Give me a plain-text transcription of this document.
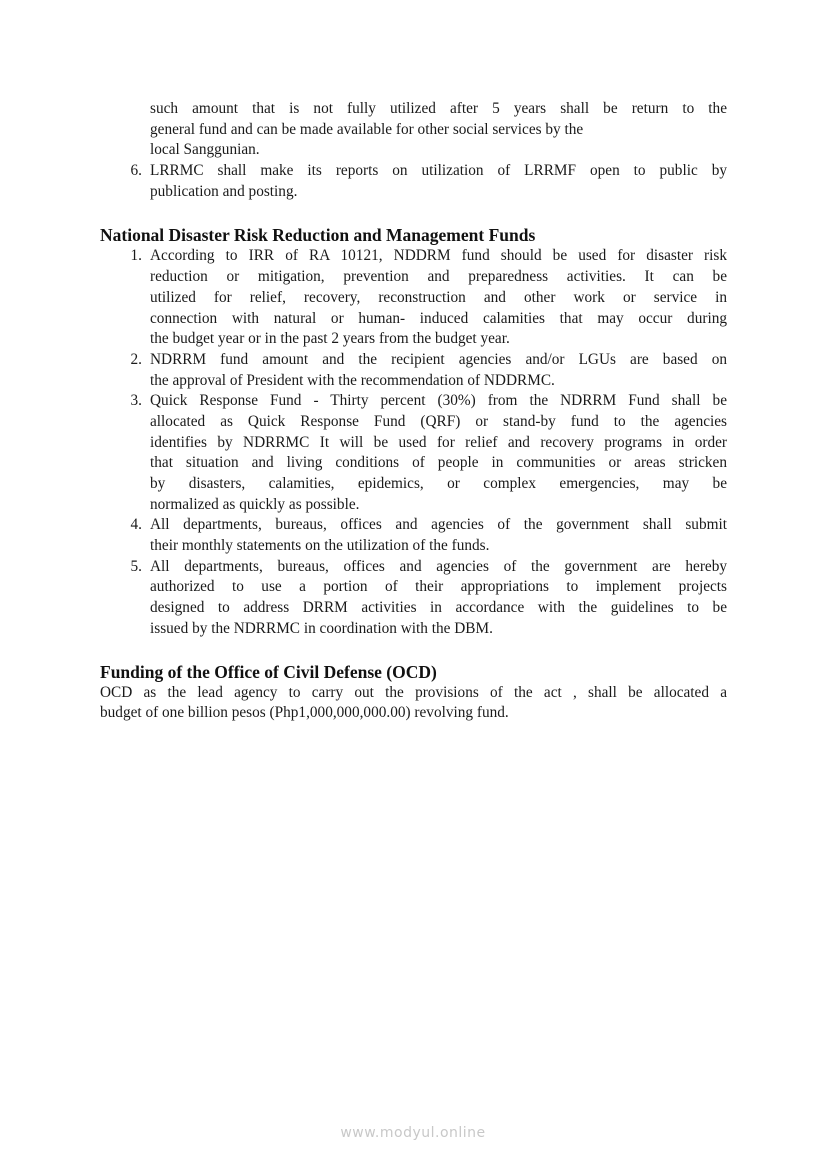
such amount that is not fully utilized after 5 years shall be return to the
general fund and can be made available for other social services by the
local Sanggunian.
6. LRRMC shall make its reports on utilization of LRRMF open to public by
publication and posting.
National Disaster Risk Reduction and Management Funds
1. According to IRR of RA 10121, NDDRM fund should be used for disaster risk
reduction or mitigation, prevention and preparedness activities. It can be
utilized for relief, recovery, reconstruction and other work or service in
connection with natural or human- induced calamities that may occur during
the budget year or in the past 2 years from the budget year.
2. NDRRM fund amount and the recipient agencies and/or LGUs are based on
the approval of President with the recommendation of NDDRMC.
3. Quick Response Fund - Thirty percent (30%) from the NDRRM Fund shall be
allocated as Quick Response Fund (QRF) or stand-by fund to the agencies
identifies by NDRRMC It will be used for relief and recovery programs in order
that situation and living conditions of people in communities or areas stricken
by disasters, calamities, epidemics, or complex emergencies, may be
normalized as quickly as possible.
4. All departments, bureaus, offices and agencies of the government shall submit
their monthly statements on the utilization of the funds.
5. All departments, bureaus, offices and agencies of the government are hereby
authorized to use a portion of their appropriations to implement projects
designed to address DRRM activities in accordance with the guidelines to be
issued by the NDRRMC in coordination with the DBM.
Funding of the Office of Civil Defense (OCD)
OCD as the lead agency to carry out the provisions of the act , shall be allocated a
budget of one billion pesos (Php1,000,000,000.00) revolving fund.
www.modyul.online
